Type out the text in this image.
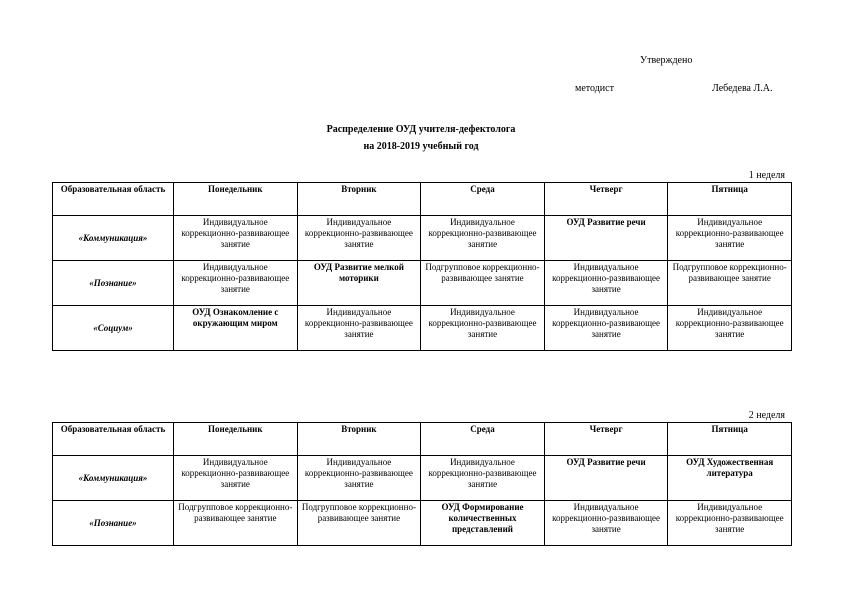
Утверждено
методист	Лебедева Л.А.
Распределение ОУД учителя-дефектолога
на 2018-2019 учебный год
1 неделя
Образовательная область	Понедельник	Вторник	Среда	Четверг	Пятница
«Коммуникация»	Индивидуальное коррекционно-развивающее занятие	Индивидуальное коррекционно-развивающее занятие	Индивидуальное коррекционно-развивающее занятие	ОУД Развитие речи	Индивидуальное коррекционно-развивающее занятие
«Познание»	Индивидуальное коррекционно-развивающее занятие	ОУД Развитие мелкой моторики	Подгрупповое коррекционно-развивающее занятие	Индивидуальное коррекционно-развивающее занятие	Подгрупповое коррекционно-развивающее занятие
«Социум»	ОУД Ознакомление с окружающим миром	Индивидуальное коррекционно-развивающее занятие	Индивидуальное коррекционно-развивающее занятие	Индивидуальное коррекционно-развивающее занятие	Индивидуальное коррекционно-развивающее занятие
2 неделя
Образовательная область	Понедельник	Вторник	Среда	Четверг	Пятница
«Коммуникация»	Индивидуальное коррекционно-развивающее занятие	Индивидуальное коррекционно-развивающее занятие	Индивидуальное коррекционно-развивающее занятие	ОУД Развитие речи	ОУД Художественная литература
«Познание»	Подгрупповое коррекционно-развивающее занятие	Подгрупповое коррекционно-развивающее занятие	ОУД Формирование количественных представлений	Индивидуальное коррекционно-развивающее занятие	Индивидуальное коррекционно-развивающее занятие
